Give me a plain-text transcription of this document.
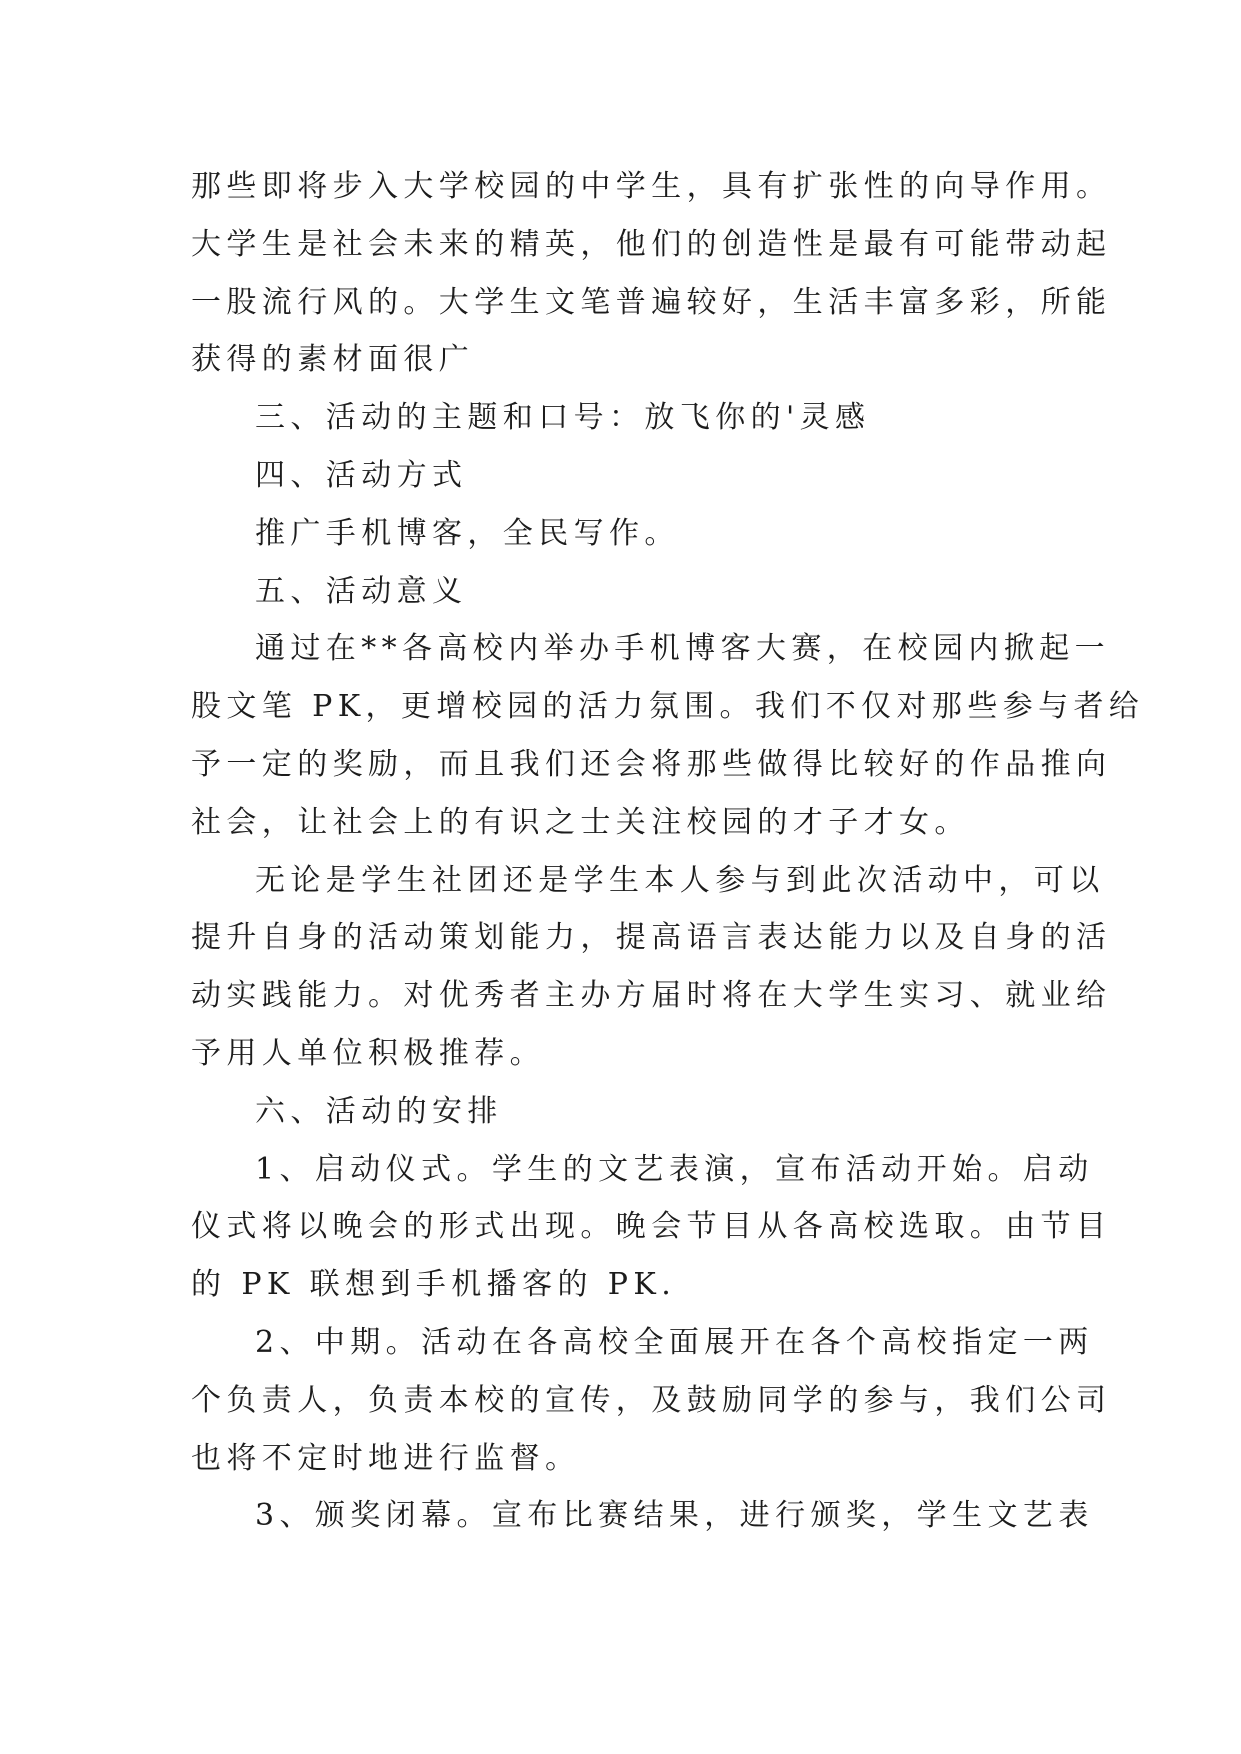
那些即将步入大学校园的中学生，具有扩张性的向导作用。
大学生是社会未来的精英，他们的创造性是最有可能带动起
一股流行风的。大学生文笔普遍较好，生活丰富多彩，所能
获得的素材面很广

三、活动的主题和口号：放飞你的'灵感

四、活动方式

推广手机博客，全民写作。

五、活动意义

通过在**各高校内举办手机博客大赛，在校园内掀起一
股文笔 PK，更增校园的活力氛围。我们不仅对那些参与者给
予一定的奖励，而且我们还会将那些做得比较好的作品推向
社会，让社会上的有识之士关注校园的才子才女。

无论是学生社团还是学生本人参与到此次活动中，可以
提升自身的活动策划能力，提高语言表达能力以及自身的活
动实践能力。对优秀者主办方届时将在大学生实习、就业给
予用人单位积极推荐。

六、活动的安排

1、启动仪式。学生的文艺表演，宣布活动开始。启动
仪式将以晚会的形式出现。晚会节目从各高校选取。由节目
的 PK 联想到手机播客的 PK.

2、中期。活动在各高校全面展开在各个高校指定一两
个负责人，负责本校的宣传，及鼓励同学的参与，我们公司
也将不定时地进行监督。

3、颁奖闭幕。宣布比赛结果，进行颁奖，学生文艺表
